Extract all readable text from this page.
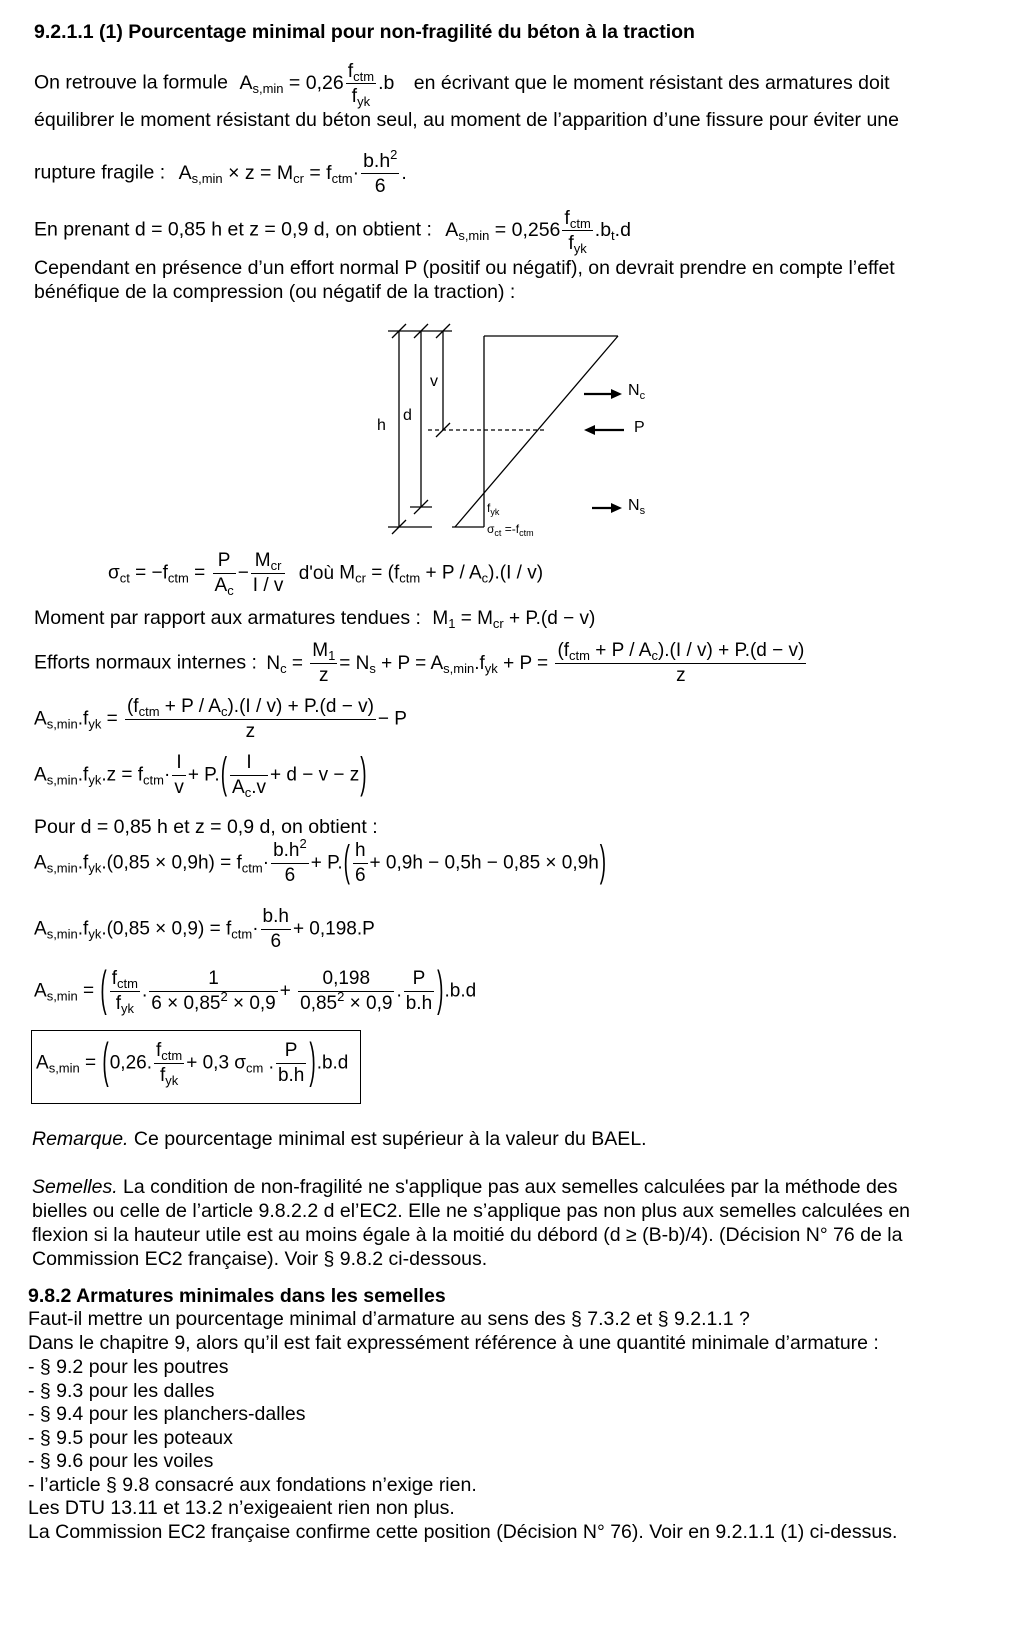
9.2.1.1 (1) Pourcentage minimal pour non-fragilité du béton à la traction
On retrouve la formule $A_{s,min} = 0,26$
$f_{ctm}$
$f_{yk}$
.b en écrivant que le moment résistant des armatures doit
équilibrer le moment résistant du béton seul, au moment de l’apparition d’une fissure pour éviter une
rupture fragile : $A_{s,min} \times z = M_{cr} = f_{ctm}\cdot \frac{b.h^2}{6}$ .
En prenant d = 0,85 h et z = 0,9 d, on obtient : $A_{s,min} = 0,256$
$f_{ctm}$
$f_{yk}$
$.b_t.d$
Cependant en présence d’un effort normal P (positif ou négatif), on devrait prendre en compte l’effet
bénéfique de la compression (ou négatif de la traction) :
h
d
v
$N_c$
P
$N_s$
$f_{yk}$
$\sigma_{ct} =-f_{ctm}$
$\sigma_{ct} = -f_{ctm} = \frac{P}{A_c}$ −
$M_{cr}$
I / v
d'où $M_{cr} = (f_{ctm} + P / A_c).(I / v)$
Moment par rapport aux armatures tendues : $M_1 = M_{cr} + P.(d - v)$
Efforts normaux internes : $N_c = \frac{M_1}{z} = N_s + P = A_{s,min}.f_{yk} + P$ =
$(f_{ctm} + P / A_c).(I / v) + P.(d - v)$
z
$A_{s,min}.f_{yk}$ =
$(f_{ctm} + P / A_c).(I / v) + P.(d - v)$
z
− P
$A_{s,min}.f_{yk}.z = f_{ctm}\cdot \frac{I}{v} + P.( \frac{I}{A_c.v} + d - v - z)$
Pour d = 0,85 h et z = 0,9 d, on obtient :
$A_{s,min}.f_{yk}.(0,85 \times 0,9h) = f_{ctm}\cdot \frac{b.h^2}{6} + P.( \frac{h}{6} + 0,9h - 0,5h - 0,85 \times 0,9h)$
$A_{s,min}.f_{yk}.(0,85 \times 0,9) = f_{ctm}\cdot \frac{b.h}{6} + 0,198.P$
$A_{s,min}$ = ( $f_{ctm}$
$f_{yk}$
. $\frac{1}{6 \times 0,85^2 \times 0,9} + \frac{0,198}{0,85^2 \times 0,9}$ . $\frac{P}{b.h} ).b.d$
$A_{s,min} = (0,26$.
$f_{ctm}$
$f_{yk}$
+ 0,3 $\sigma_{cm}$ . $\frac{P}{b.h} ).b.d$
Remarque. Ce pourcentage minimal est supérieur à la valeur du BAEL.
Semelles. La condition de non-fragilité ne s'applique pas aux semelles calculées par la méthode des
bielles ou celle de l’article 9.8.2.2 d el’EC2. Elle ne s’applique pas non plus aux semelles calculées en
flexion si la hauteur utile est au moins égale à la moitié du débord (d ≥ (B-b)/4). (Décision N° 76 de la
Commission EC2 française). Voir § 9.8.2 ci-dessous.
9.8.2 Armatures minimales dans les semelles
Faut-il mettre un pourcentage minimal d’armature au sens des § 7.3.2 et § 9.2.1.1 ?
Dans le chapitre 9, alors qu’il est fait expressément référence à une quantité minimale d’armature :
- § 9.2 pour les poutres
- § 9.3 pour les dalles
- § 9.4 pour les planchers-dalles
- § 9.5 pour les poteaux
- § 9.6 pour les voiles
- l’article § 9.8 consacré aux fondations n’exige rien.
Les DTU 13.11 et 13.2 n’exigeaient rien non plus.
La Commission EC2 française confirme cette position (Décision N° 76). Voir en 9.2.1.1 (1) ci-dessus.
